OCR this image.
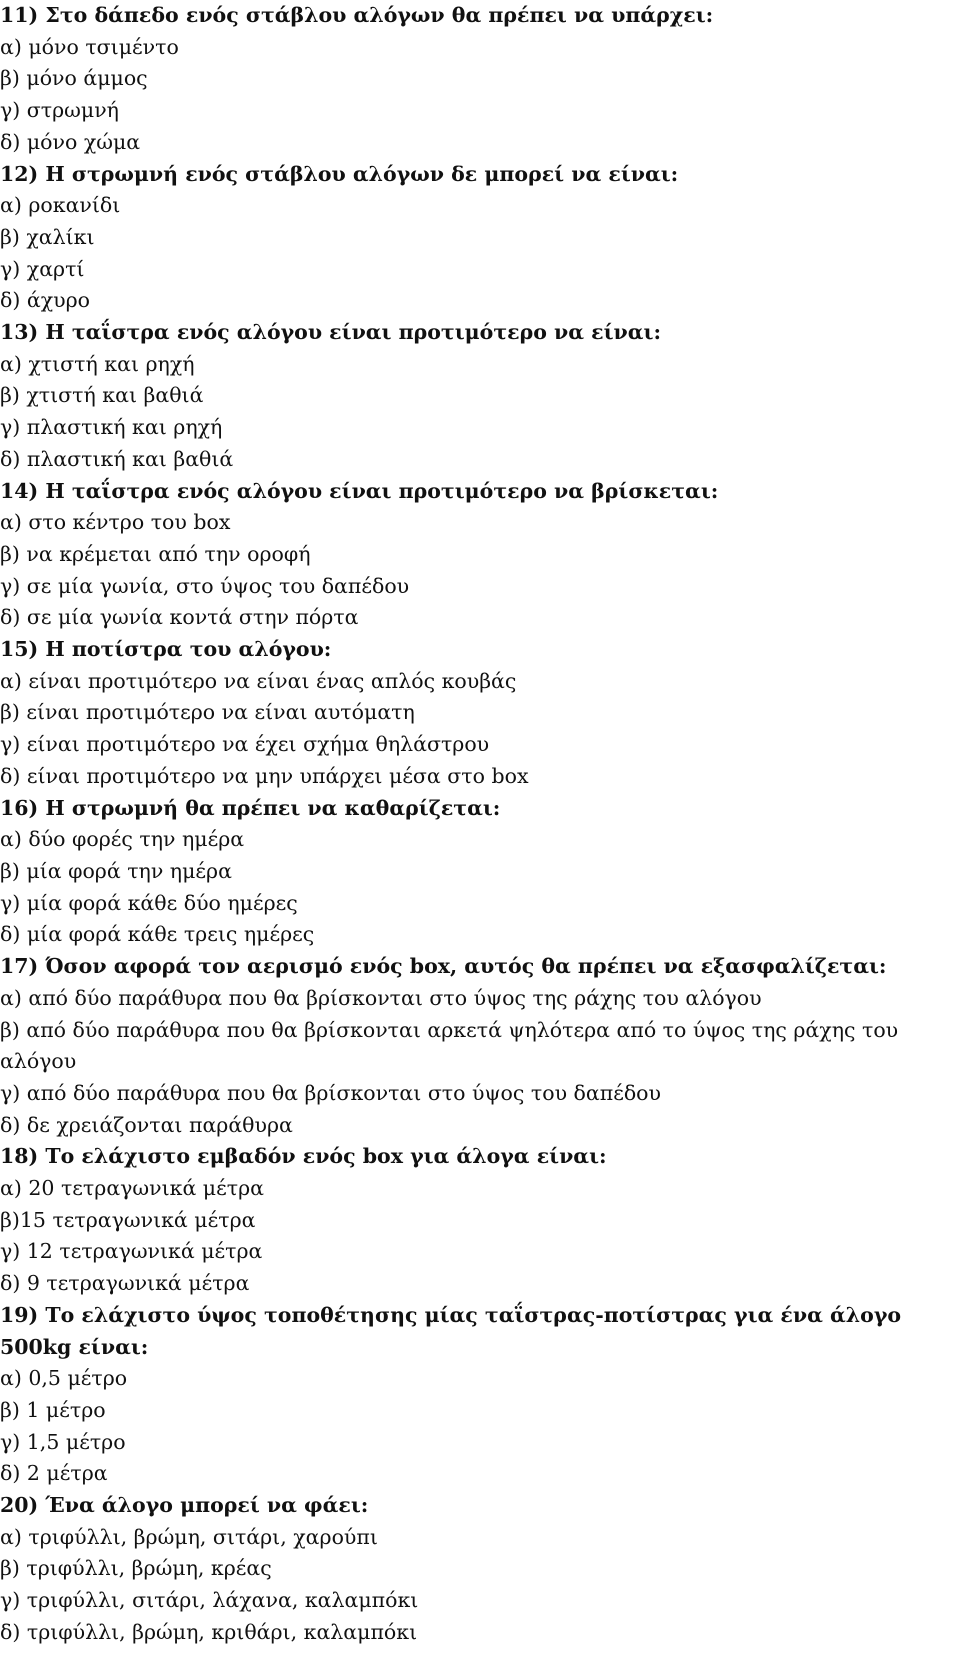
11) Στο δάπεδο ενός στάβλου αλόγων θα πρέπει να υπάρχει:
α) μόνο τσιμέντο
β) μόνο άμμος
γ) στρωμνή
δ) μόνο χώμα
12) Η στρωμνή ενός στάβλου αλόγων δε μπορεί να είναι:
α) ροκανίδι
β) χαλίκι
γ) χαρτί
δ) άχυρο
13) Η ταΐστρα ενός αλόγου είναι προτιμότερο να είναι:
α) χτιστή και ρηχή
β) χτιστή και βαθιά
γ) πλαστική και ρηχή
δ) πλαστική και βαθιά
14) Η ταΐστρα ενός αλόγου είναι προτιμότερο να βρίσκεται:
α) στο κέντρο του box
β) να κρέμεται από την οροφή
γ) σε μία γωνία, στο ύψος του δαπέδου
δ) σε μία γωνία κοντά στην πόρτα
15) Η ποτίστρα του αλόγου:
α) είναι προτιμότερο να είναι ένας απλός κουβάς
β) είναι προτιμότερο να είναι αυτόματη
γ) είναι προτιμότερο να έχει σχήμα θηλάστρου
δ) είναι προτιμότερο να μην υπάρχει μέσα στο box
16) Η στρωμνή θα πρέπει να καθαρίζεται:
α) δύο φορές την ημέρα
β) μία φορά την ημέρα
γ) μία φορά κάθε δύο ημέρες
δ) μία φορά κάθε τρεις ημέρες
17) Όσον αφορά τον αερισμό ενός box, αυτός θα πρέπει να εξασφαλίζεται:
α) από δύο παράθυρα που θα βρίσκονται στο ύψος της ράχης του αλόγου
β) από δύο παράθυρα που θα βρίσκονται αρκετά ψηλότερα από το ύψος της ράχης του αλόγου
γ) από δύο παράθυρα που θα βρίσκονται στο ύψος του δαπέδου
δ) δε χρειάζονται παράθυρα
18) Το ελάχιστο εμβαδόν ενός box για άλογα είναι:
α) 20 τετραγωνικά μέτρα
β)15 τετραγωνικά μέτρα
γ) 12 τετραγωνικά μέτρα
δ) 9 τετραγωνικά μέτρα
19) Το ελάχιστο ύψος τοποθέτησης μίας ταΐστρας-ποτίστρας για ένα άλογο 500kg είναι:
α) 0,5 μέτρο
β) 1 μέτρο
γ) 1,5 μέτρο
δ) 2 μέτρα
20) Ένα άλογο μπορεί να φάει:
α) τριφύλλι, βρώμη, σιτάρι, χαρούπι
β) τριφύλλι, βρώμη, κρέας
γ) τριφύλλι, σιτάρι, λάχανα, καλαμπόκι
δ) τριφύλλι, βρώμη, κριθάρι, καλαμπόκι
